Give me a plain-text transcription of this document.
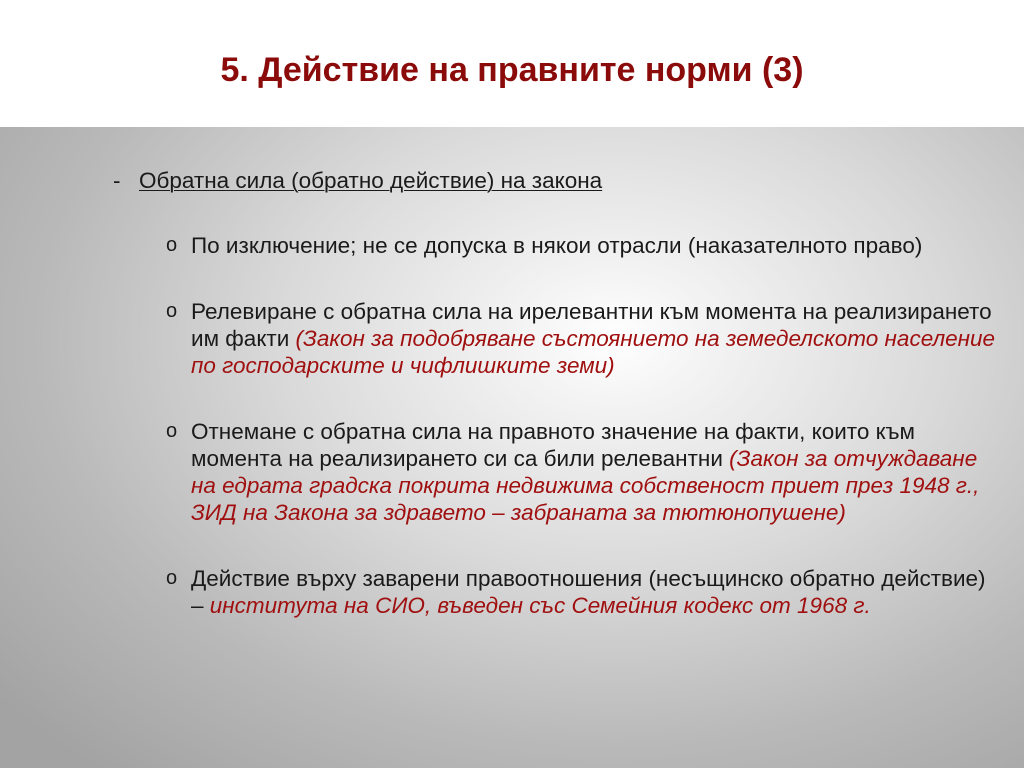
5. Действие на правните норми (3)
- Обратна сила (обратно действие) на закона
o По изключение; не се допуска в някои отрасли (наказателното право)
o Релевиране с обратна сила на ирелевантни към момента на реализирането
им факти (Закон за подобряване състоянието на земеделското население
по господарските и чифлишките земи)
o Отнемане с обратна сила на правното значение на факти, които към
момента на реализирането си са били релевантни (Закон за отчуждаване
на едрата градска покрита недвижима собственост приет през 1948 г.,
ЗИД на Закона за здравето – забраната за тютюнопушене)
o Действие върху заварени правоотношения (несъщинско обратно действие)
– института на СИО, въведен със Семейния кодекс от 1968 г.
